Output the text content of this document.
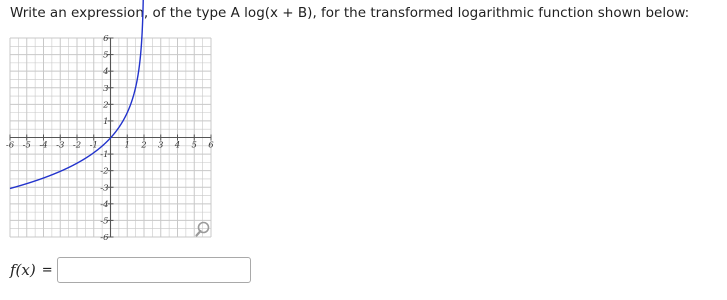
Write an expression, of the type A log(x + B), for the transformed logarithmic function shown below:
-6 -5 -4 -3 -2 -1	1 2 3 4 5 6
6
5
4
3
2
1
-1
-2
-3
-4
-5
-6
f(x) =
